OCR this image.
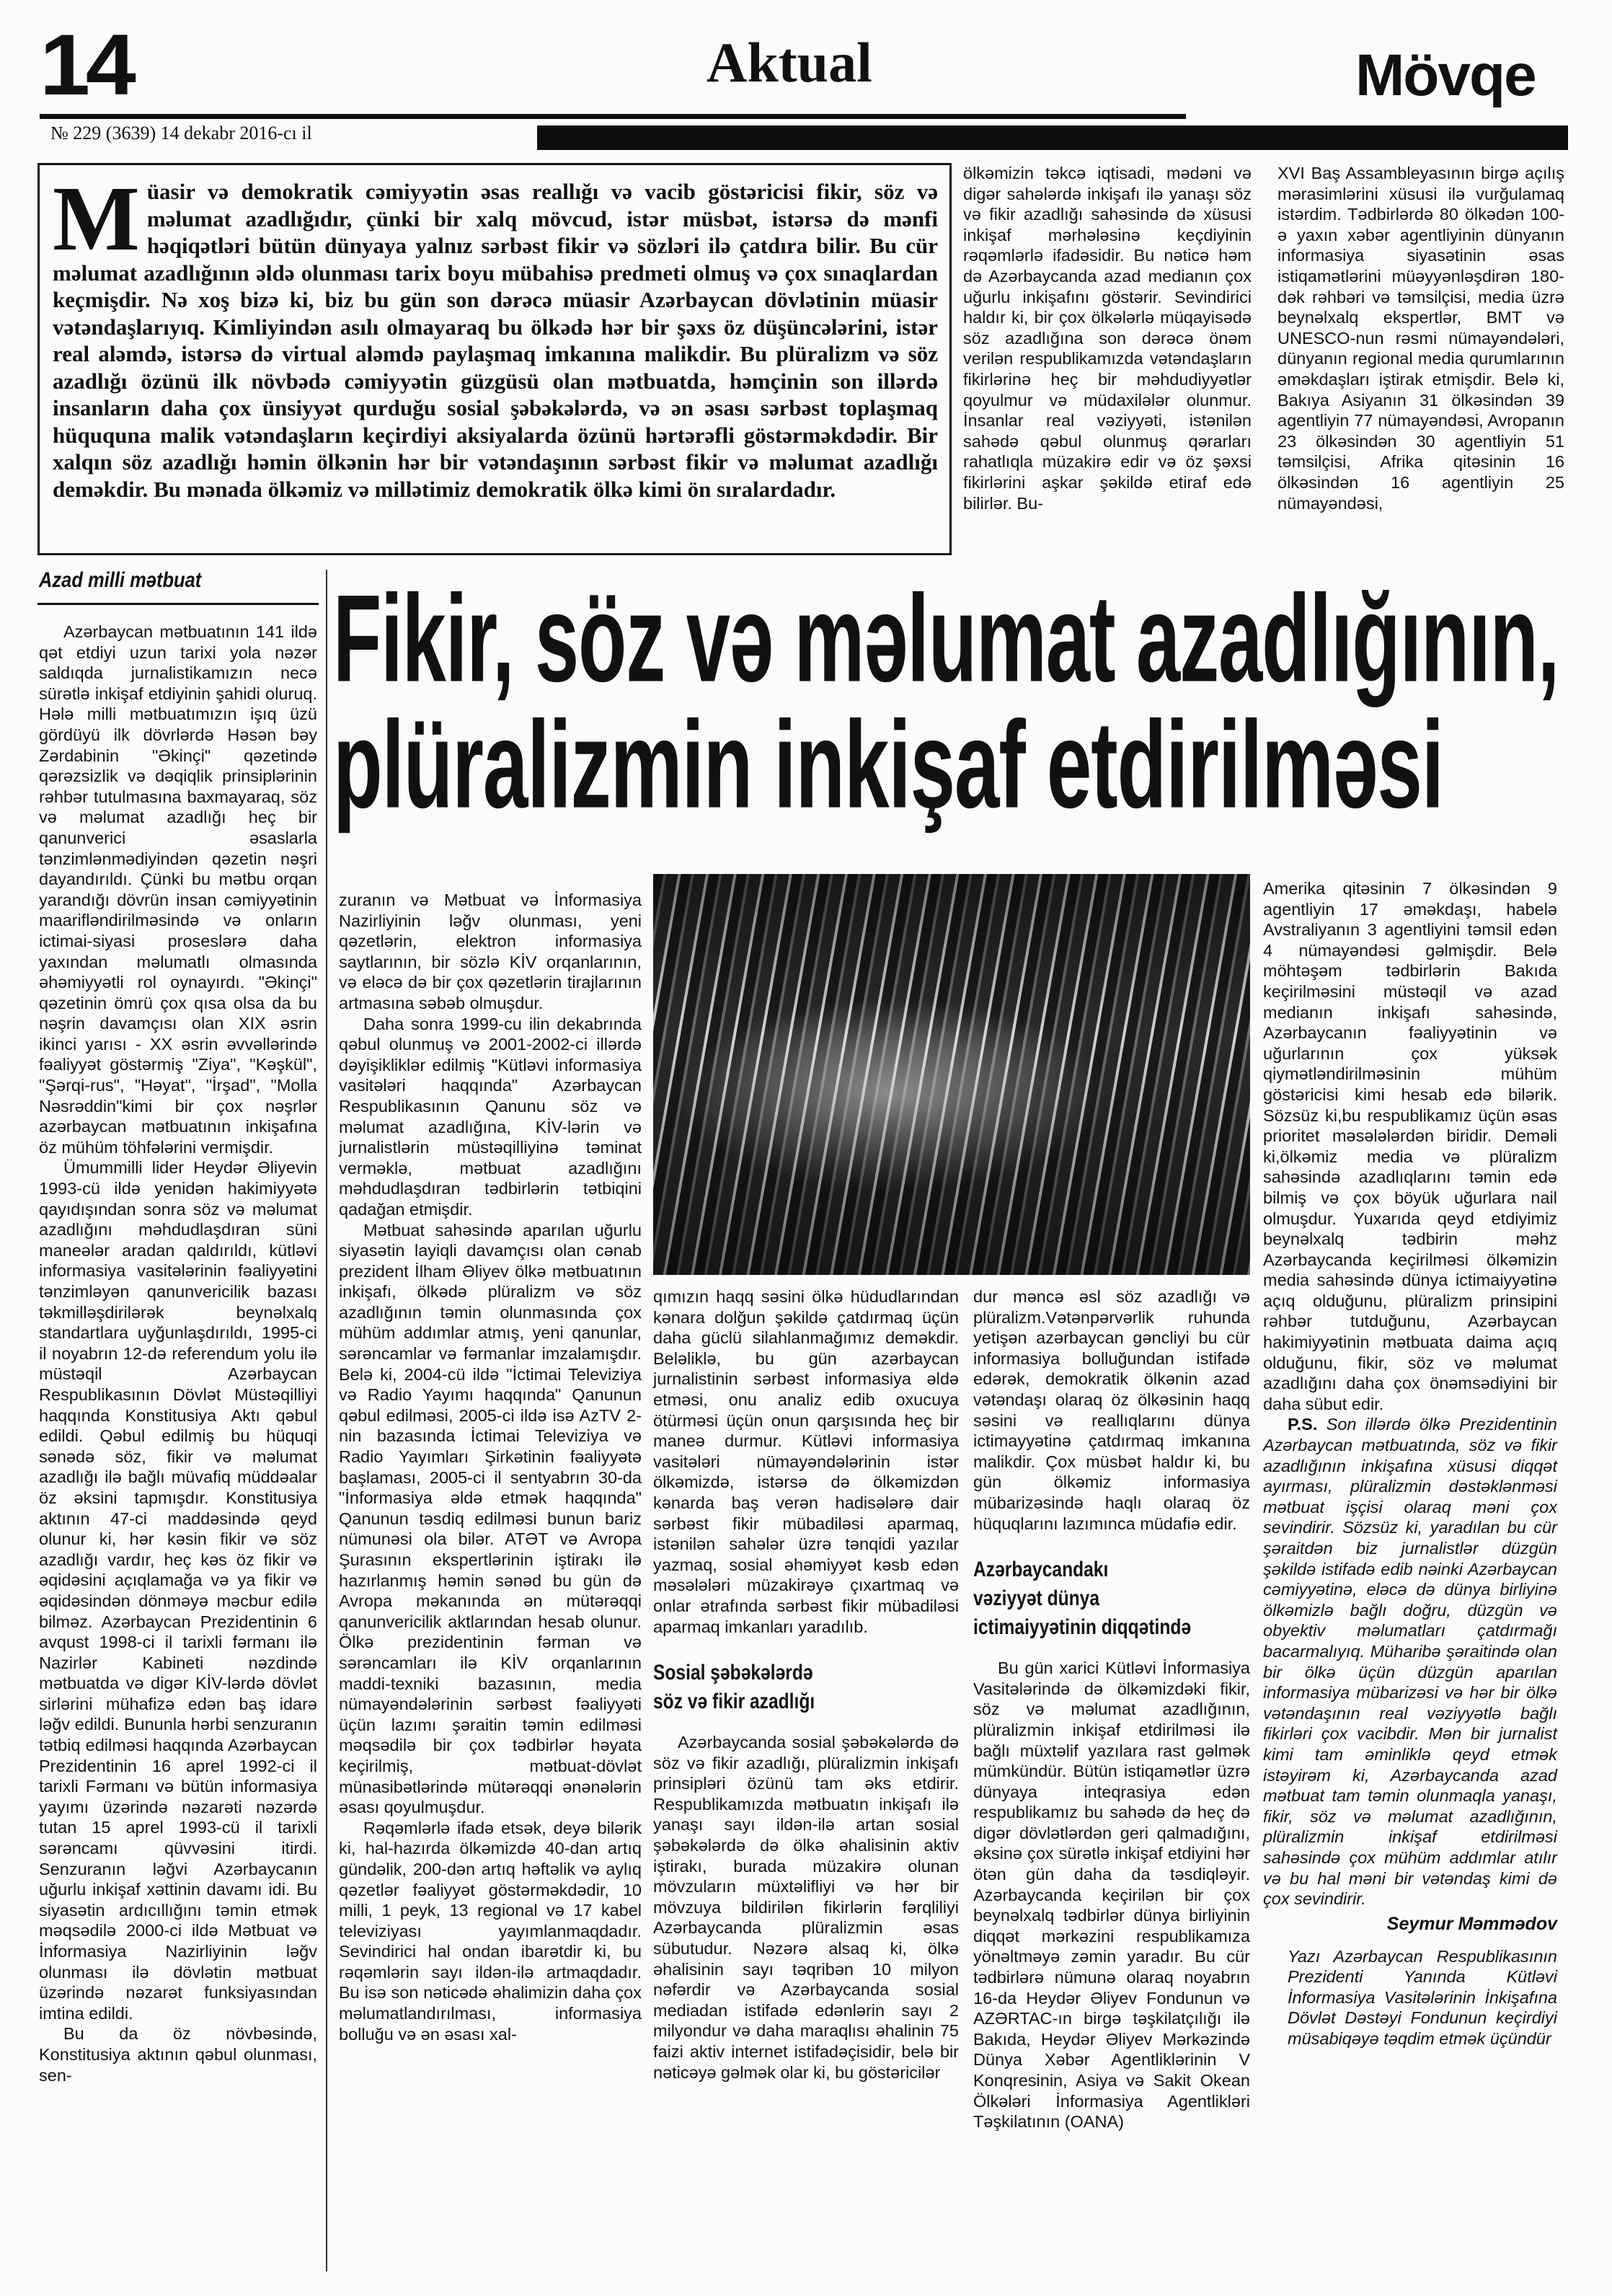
14	Aktual	Mövqe
№ 229 (3639) 14 dekabr 2016-cı il
M üasir və demokratik cəmiyyətin əsas reallığı və vacib göstəricisi fikir, söz və məlumat azadlığıdır, çünki bir xalq mövcud, istər müsbət, istərsə də mənfi həqiqətləri bütün dünyaya yalnız sərbəst fikir və sözləri ilə çatdıra bilir. Bu cür məlumat azadlığının əldə olunması tarix boyu mübahisə predmeti olmuş və çox sınaqlardan keçmişdir. Nə xoş bizə ki, biz bu gün son dərəcə müasir Azərbaycan dövlətinin müasir vətəndaşlarıyıq. Kimliyindən asılı olmayaraq bu ölkədə hər bir şəxs öz düşüncələrini, istər real aləmdə, istərsə də virtual aləmdə paylaşmaq imkanına malikdir. Bu plüralizm və söz azadlığı özünü ilk növbədə cəmiyyətin güzgüsü olan mətbuatda, həmçinin son illərdə insanların daha çox ünsiyyət qurduğu sosial şəbəkələrdə, və ən əsası sərbəst toplaşmaq hüququna malik vətəndaşların keçirdiyi aksiyalarda özünü hərtərəfli göstərməkdədir. Bir xalqın söz azadlığı həmin ölkənin hər bir vətəndaşının sərbəst fikir və məlumat azadlığı deməkdir. Bu mənada ölkəmiz və millətimiz demokratik ölkə kimi ön sıralardadır.

ölkəmizin təkcə iqtisadi, mədəni və digər sahələrdə inkişafı ilə yanaşı söz və fikir azadlığı sahəsində də xüsusi inkişaf mərhələsinə keçdiyinin rəqəmlərlə ifadəsidir. Bu nəticə həm də Azərbaycanda azad medianın çox uğurlu inkişafını göstərir. Sevindirici haldır ki, bir çox ölkələrlə müqayisədə söz azadlığına son dərəcə önəm verilən respublikamızda vətəndaşların fikirlərinə heç bir məhdudiyyətlər qoyulmur və müdaxilələr olunmur. İnsanlar real vəziyyəti, istənilən sahədə qəbul olunmuş qərarları rahatlıqla müzakirə edir və öz şəxsi fikirlərini aşkar şəkildə etiraf edə bilirlər. Bu-

XVI Baş Assambleyasının birgə açılış mərasimlərini xüsusi ilə vurğulamaq istərdim. Tədbirlərdə 80 ölkədən 100-ə yaxın xəbər agentliyinin dünyanın informasiya siyasətinin əsas istiqamətlərini müəyyənləşdirən 180-dək rəhbəri və təmsilçisi, media üzrə beynəlxalq ekspertlər, BMT və UNESCO-nun rəsmi nümayəndələri, dünyanın regional media qurumlarının əməkdaşları iştirak etmişdir. Belə ki, Bakıya Asiyanın 31 ölkəsindən 39 agentliyin 77 nümayəndəsi, Avropanın 23 ölkəsindən 30 agentliyin 51 təmsilçisi, Afrika qitəsinin 16 ölkəsindən 16 agentliyin 25 nümayəndəsi,

Fikir, söz və məlumat azadlığının,
plüralizmin inkişaf etdirilməsi
Azad milli mətbuat

Azərbaycan mətbuatının 141 ildə qət etdiyi uzun tarixi yola nəzər saldıqda jurnalistikamızın necə sürətlə inkişaf etdiyinin şahidi oluruq. Hələ milli mətbuatımızın işıq üzü gördüyü ilk dövrlərdə Həsən bəy Zərdabinin "Əkinçi" qəzetində qərəzsizlik və dəqiqlik prinsiplərinin rəhbər tutulmasına baxmayaraq, söz və məlumat azadlığı heç bir qanunverici əsaslarla tənzimlənmədiyindən qəzetin nəşri dayandırıldı. Çünki bu mətbu orqan yarandığı dövrün insan cəmiyyətinin maarifləndirilməsində və onların ictimai-siyasi proseslərə daha yaxından məlumatlı olmasında əhəmiyyətli rol oynayırdı. "Əkinçi" qəzetinin ömrü çox qısa olsa da bu nəşrin davamçısı olan XIX əsrin ikinci yarısı - XX əsrin əvvəllərində fəaliyyət göstərmiş "Ziya", "Kəşkül", "Şərqi-rus", "Həyat", "İrşad", "Molla Nəsrəddin"kimi bir çox nəşrlər azərbaycan mətbuatının inkişafına öz mühüm töhfələrini vermişdir.

Ümummilli lider Heydər Əliyevin 1993-cü ildə yenidən hakimiyyətə qayıdışından sonra söz və məlumat azadlığını məhdudlaşdıran süni maneələr aradan qaldırıldı, kütləvi informasiya vasitələrinin fəaliyyətini tənzimləyən qanunvericilik bazası təkmilləşdirilərək beynəlxalq standartlara uyğunlaşdırıldı, 1995-ci il noyabrın 12-də referendum yolu ilə müstəqil Azərbaycan Respublikasının Dövlət Müstəqilliyi haqqında Konstitusiya Aktı qəbul edildi. Qəbul edilmiş bu hüquqi sənədə söz, fikir və məlumat azadlığı ilə bağlı müvafiq müddəalar öz əksini tapmışdır. Konstitusiya aktının 47-ci maddəsində qeyd olunur ki, hər kəsin fikir və söz azadlığı vardır, heç kəs öz fikir və əqidəsini açıqlamağa və ya fikir və əqidəsindən dönməyə məcbur edilə bilməz. Azərbaycan Prezidentinin 6 avqust 1998-ci il tarixli fərmanı ilə Nazirlər Kabineti nəzdində mətbuatda və digər KİV-lərdə dövlət sirlərini mühafizə edən baş idarə ləğv edildi. Bununla hərbi senzuranın tətbiq edilməsi haqqında Azərbaycan Prezidentinin 16 aprel 1992-ci il tarixli Fərmanı və bütün informasiya yayımı üzərində nəzarəti nəzərdə tutan 15 aprel 1993-cü il tarixli sərəncamı qüvvəsini itirdi. Senzuranın ləğvi Azərbaycanın uğurlu inkişaf xəttinin davamı idi. Bu siyasətin ardıcıllığını təmin etmək məqsədilə 2000-ci ildə Mətbuat və İnformasiya Nazirliyinin ləğv olunması ilə dövlətin mətbuat üzərində nəzarət funksiyasından imtina edildi.

Bu da öz növbəsində, Konstitusiya aktının qəbul olunması, sen-

zuranın və Mətbuat və İnformasiya Nazirliyinin ləğv olunması, yeni qəzetlərin, elektron informasiya saytlarının, bir sözlə KİV orqanlarının, və eləcə də bir çox qəzetlərin tirajlarının artmasına səbəb olmuşdur.

Daha sonra 1999-cu ilin dekabrında qəbul olunmuş və 2001-2002-ci illərdə dəyişikliklər edilmiş "Kütləvi informasiya vasitələri haqqında" Azərbaycan Respublikasının Qanunu söz və məlumat azadlığına, KİV-lərin və jurnalistlərin müstəqilliyinə təminat verməklə, mətbuat azadlığını məhdudlaşdıran tədbirlərin tətbiqini qadağan etmişdir.

Mətbuat sahəsində aparılan uğurlu siyasətin layiqli davamçısı olan cənab prezident İlham Əliyev ölkə mətbuatının inkişafı, ölkədə plüralizm və söz azadlığının təmin olunmasında çox mühüm addımlar atmış, yeni qanunlar, sərəncamlar və fərmanlar imzalamışdır. Belə ki, 2004-cü ildə "İctimai Televiziya və Radio Yayımı haqqında" Qanunun qəbul edilməsi, 2005-ci ildə isə AzTV 2-nin bazasında İctimai Televiziya və Radio Yayımları Şirkətinin fəaliyyətə başlaması, 2005-ci il sentyabrın 30-da "İnformasiya əldə etmək haqqında" Qanunun təsdiq edilməsi bunun bariz nümunəsi ola bilər. ATƏT və Avropa Şurasının ekspertlərinin iştirakı ilə hazırlanmış həmin sənəd bu gün də Avropa məkanında ən mütərəqqi qanunvericilik aktlarından hesab olunur. Ölkə prezidentinin fərman və sərəncamları ilə KİV orqanlarının maddi-texniki bazasının, media nümayəndələrinin sərbəst fəaliyyəti üçün lazımı şəraitin təmin edilməsi məqsədilə bir çox tədbirlər həyata keçirilmiş, mətbuat-dövlət münasibətlərində mütərəqqi ənənələrin əsası qoyulmuşdur.

Rəqəmlərlə ifadə etsək, deyə bilərik ki, hal-hazırda ölkəmizdə 40-dan artıq gündəlik, 200-dən artıq həftəlik və aylıq qəzetlər fəaliyyət göstərməkdədir, 10 milli, 1 peyk, 13 regional və 17 kabel televiziyası yayımlanmaqdadır. Sevindirici hal ondan ibarətdir ki, bu rəqəmlərin sayı ildən-ilə artmaqdadır. Bu isə son nəticədə əhalimizin daha çox məlumatlandırılması, informasiya bolluğu və ən əsası xal-

qımızın haqq səsini ölkə hüdudlarından kənara dolğun şəkildə çatdırmaq üçün daha güclü silahlanmağımız deməkdir. Beləliklə, bu gün azərbaycan jurnalistinin sərbəst informasiya əldə etməsi, onu analiz edib oxucuya ötürməsi üçün onun qarşısında heç bir maneə durmur. Kütləvi informasiya vasitələri nümayəndələrinin istər ölkəmizdə, istərsə də ölkəmizdən kənarda baş verən hadisələrə dair sərbəst fikir mübadiləsi aparmaq, istənilən sahələr üzrə tənqidi yazılar yazmaq, sosial əhəmiyyət kəsb edən məsələləri müzakirəyə çıxartmaq və onlar ətrafında sərbəst fikir mübadiləsi aparmaq imkanları yaradılıb.

Sosial şəbəkələrdə
söz və fikir azadlığı

Azərbaycanda sosial şəbəkələrdə də söz və fikir azadlığı, plüralizmin inkişafı prinsipləri özünü tam əks etdirir. Respublikamızda mətbuatın inkişafı ilə yanaşı sayı ildən-ilə artan sosial şəbəkələrdə də ölkə əhalisinin aktiv iştirakı, burada müzakirə olunan mövzuların müxtəlifliyi və hər bir mövzuya bildirilən fikirlərin fərqliliyi Azərbaycanda plüralizmin əsas sübutudur. Nəzərə alsaq ki, ölkə əhalisinin sayı təqribən 10 milyon nəfərdir və Azərbaycanda sosial mediadan istifadə edənlərin sayı 2 milyondur və daha maraqlısı əhalinin 75 faizi aktiv internet istifadəçisidir, belə bir nəticəyə gəlmək olar ki, bu göstəricilər

dur məncə əsl söz azadlığı və plüralizm.Vətənpərvərlik ruhunda yetişən azərbaycan gəncliyi bu cür informasiya bolluğundan istifadə edərək, demokratik ölkənin azad vətəndaşı olaraq öz ölkəsinin haqq səsini və reallıqlarını dünya ictimayyətinə çatdırmaq imkanına malikdir. Çox müsbət haldır ki, bu gün ölkəmiz informasiya mübarizəsində haqlı olaraq öz hüquqlarını lazımınca müdafiə edir.

Azərbaycandakı
vəziyyət dünya
ictimaiyyətinin diqqətində

Bu gün xarici Kütləvi İnformasiya Vasitələrində də ölkəmizdəki fikir, söz və məlumat azadlığının, plüralizmin inkişaf etdirilməsi ilə bağlı müxtəlif yazılara rast gəlmək mümkündür. Bütün istiqamətlər üzrə dünyaya inteqrasiya edən respublikamız bu sahədə də heç də digər dövlətlərdən geri qalmadığını, əksinə çox sürətlə inkişaf etdiyini hər ötən gün daha da təsdiqləyir. Azərbaycanda keçirilən bir çox beynəlxalq tədbirlər dünya birliyinin diqqət mərkəzini respublikamıza yönəltməyə zəmin yaradır. Bu cür tədbirlərə nümunə olaraq noyabrın 16-da Heydər Əliyev Fondunun və AZƏRTAC-ın birgə təşkilatçılığı ilə Bakıda, Heydər Əliyev Mərkəzində Dünya Xəbər Agentliklərinin V Konqresinin, Asiya və Sakit Okean Ölkələri İnformasiya Agentlikləri Təşkilatının (OANA)

Amerika qitəsinin 7 ölkəsindən 9 agentliyin 17 əməkdaşı, habelə Avstraliyanın 3 agentliyini təmsil edən 4 nümayəndəsi gəlmişdir. Belə möhtəşəm tədbirlərin Bakıda keçirilməsini müstəqil və azad medianın inkişafı sahəsində, Azərbaycanın fəaliyyətinin və uğurlarının çox yüksək qiymətləndirilməsinin mühüm göstəricisi kimi hesab edə bilərik. Sözsüz ki,bu respublikamız üçün əsas prioritet məsələlərdən biridir. Deməli ki,ölkəmiz media və plüralizm sahəsində azadlıqlarını təmin edə bilmiş və çox böyük uğurlara nail olmuşdur. Yuxarıda qeyd etdiyimiz beynəlxalq tədbirin məhz Azərbaycanda keçirilməsi ölkəmizin media sahəsində dünya ictimaiyyətinə açıq olduğunu, plüralizm prinsipini rəhbər tutduğunu, Azərbaycan hakimiyyətinin mətbuata daima açıq olduğunu, fikir, söz və məlumat azadlığını daha çox önəmsədiyini bir daha sübut edir.

P.S. Son illərdə ölkə Prezidentinin Azərbaycan mətbuatında, söz və fikir azadlığının inkişafına xüsusi diqqət ayırması, plüralizmin dəstəklənməsi mətbuat işçisi olaraq məni çox sevindirir. Sözsüz ki, yaradılan bu cür şəraitdən biz jurnalistlər düzgün şəkildə istifadə edib nəinki Azərbaycan cəmiyyətinə, eləcə də dünya birliyinə ölkəmizlə bağlı doğru, düzgün və obyektiv məlumatları çatdırmağı bacarmalıyıq. Müharibə şəraitində olan bir ölkə üçün düzgün aparılan informasiya mübarizəsi və hər bir ölkə vətəndaşının real vəziyyətlə bağlı fikirləri çox vacibdir. Mən bir jurnalist kimi tam əminliklə qeyd etmək istəyirəm ki, Azərbaycanda azad mətbuat tam təmin olunmaqla yanaşı, fikir, söz və məlumat azadlığının, plüralizmin inkişaf etdirilməsi sahəsində çox mühüm addımlar atılır və bu hal məni bir vətəndaş kimi də çox sevindirir.

Seymur Məmmədov
Yazı Azərbaycan Respublikasının Prezidenti Yanında Kütləvi İnformasiya Vasitələrinin İnkişafına Dövlət Dəstəyi Fondunun keçirdiyi müsabiqəyə təqdim etmək üçündür
